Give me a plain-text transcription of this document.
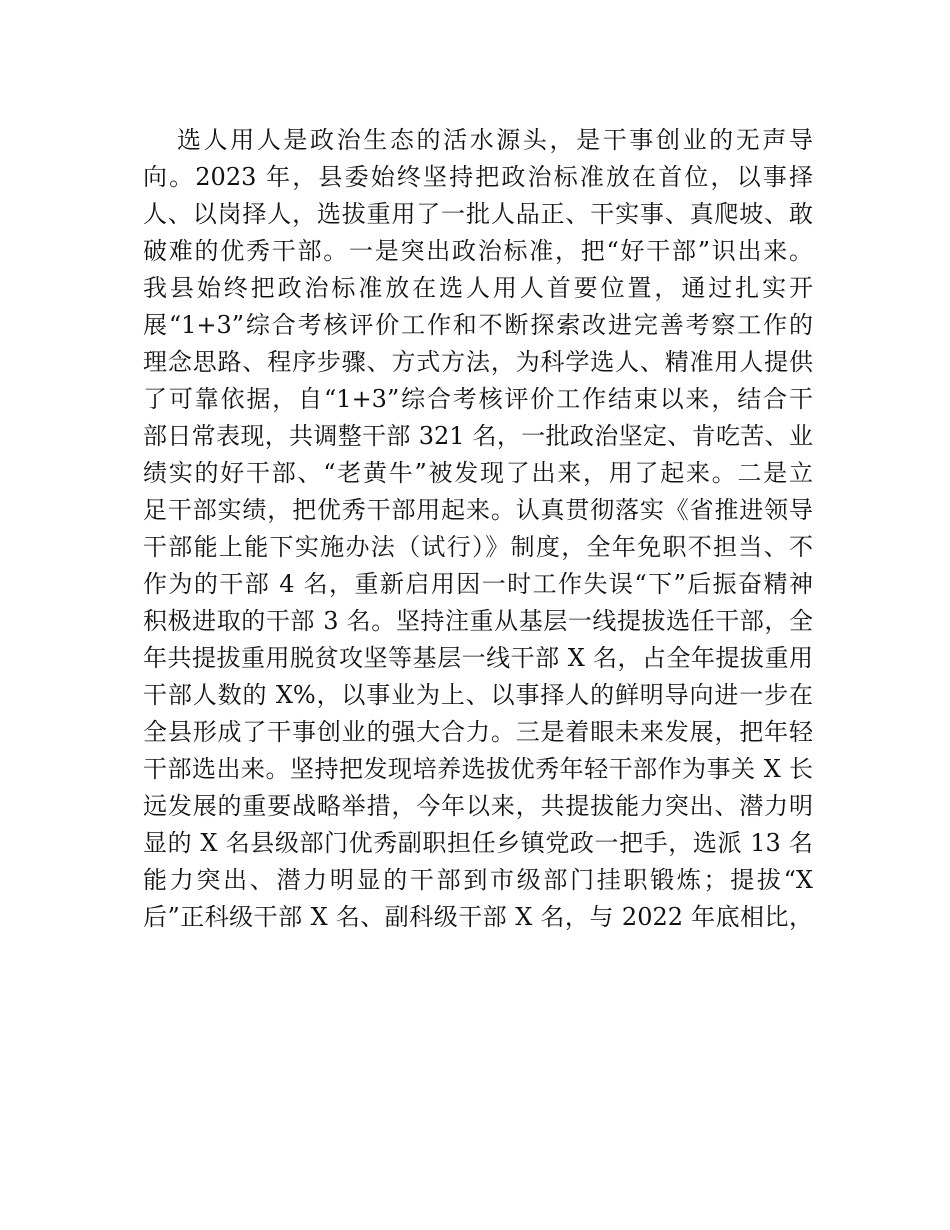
选人用人是政治生态的活水源头，是干事创业的无声导
向。2023 年，县委始终坚持把政治标准放在首位，以事择
人、以岗择人，选拔重用了一批人品正、干实事、真爬坡、敢
破难的优秀干部。一是突出政治标准，把“好干部”识出来。
我县始终把政治标准放在选人用人首要位置，通过扎实开
展“1+3”综合考核评价工作和不断探索改进完善考察工作的
理念思路、程序步骤、方式方法，为科学选人、精准用人提供
了可靠依据，自“1+3”综合考核评价工作结束以来，结合干
部日常表现，共调整干部 321 名，一批政治坚定、肯吃苦、业
绩实的好干部、“老黄牛”被发现了出来，用了起来。二是立
足干部实绩，把优秀干部用起来。认真贯彻落实《省推进领导
干部能上能下实施办法（试行）》制度，全年免职不担当、不
作为的干部 4 名，重新启用因一时工作失误“下”后振奋精神
积极进取的干部 3 名。坚持注重从基层一线提拔选任干部，全
年共提拔重用脱贫攻坚等基层一线干部 X 名，占全年提拔重用
干部人数的 X%，以事业为上、以事择人的鲜明导向进一步在
全县形成了干事创业的强大合力。三是着眼未来发展，把年轻
干部选出来。坚持把发现培养选拔优秀年轻干部作为事关 X 长
远发展的重要战略举措，今年以来，共提拔能力突出、潜力明
显的 X 名县级部门优秀副职担任乡镇党政一把手，选派 13 名
能力突出、潜力明显的干部到市级部门挂职锻炼；提拔“X
后”正科级干部 X 名、副科级干部 X 名，与 2022 年底相比，
